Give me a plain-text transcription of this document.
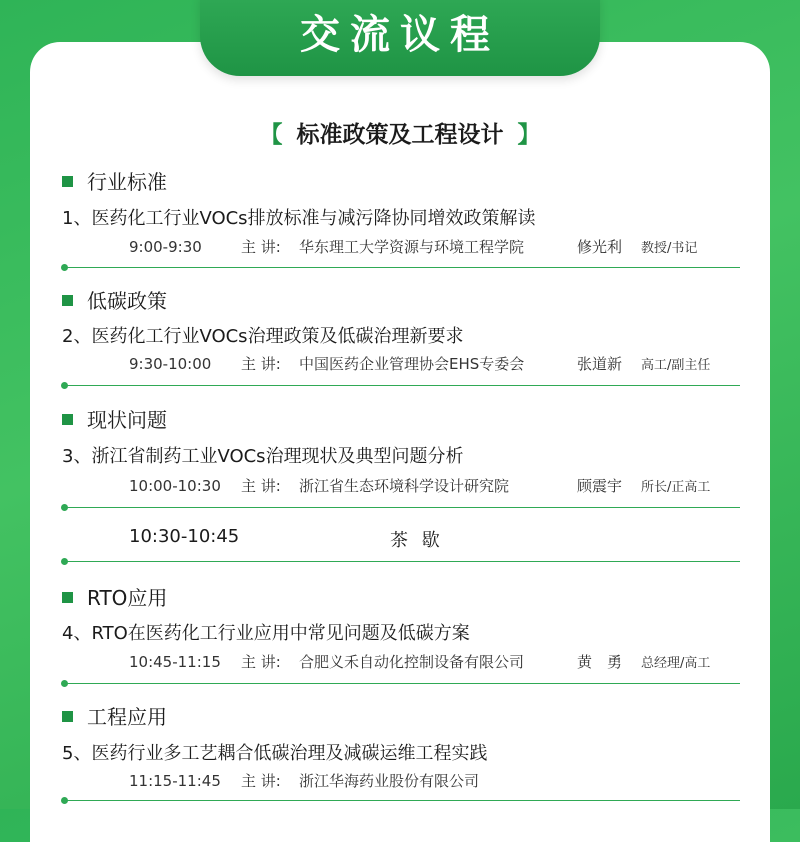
交流议程
【 标准政策及工程设计 】
行业标准
1、医药化工行业VOCs排放标准与减污降协同增效政策解读
9:00-9:30	主 讲: 华东理工大学资源与环境工程学院	修光利 教授/书记
低碳政策
2、医药化工行业VOCs治理政策及低碳治理新要求
9:30-10:00 主 讲: 中国医药企业管理协会EHS专委会	张道新 高工/副主任
现状问题
3、浙江省制药工业VOCs治理现状及典型问题分析
10:00-10:30 主 讲: 浙江省生态环境科学设计研究院	顾震宇 所长/正高工
10:30-10:45	茶 歇
RTO应用
4、RTO在医药化工行业应用中常见问题及低碳方案
10:45-11:15 主 讲: 合肥义禾自动化控制设备有限公司	黄　勇 总经理/高工
工程应用
5、医药行业多工艺耦合低碳治理及减碳运维工程实践
11:15-11:45 主 讲: 浙江华海药业股份有限公司
